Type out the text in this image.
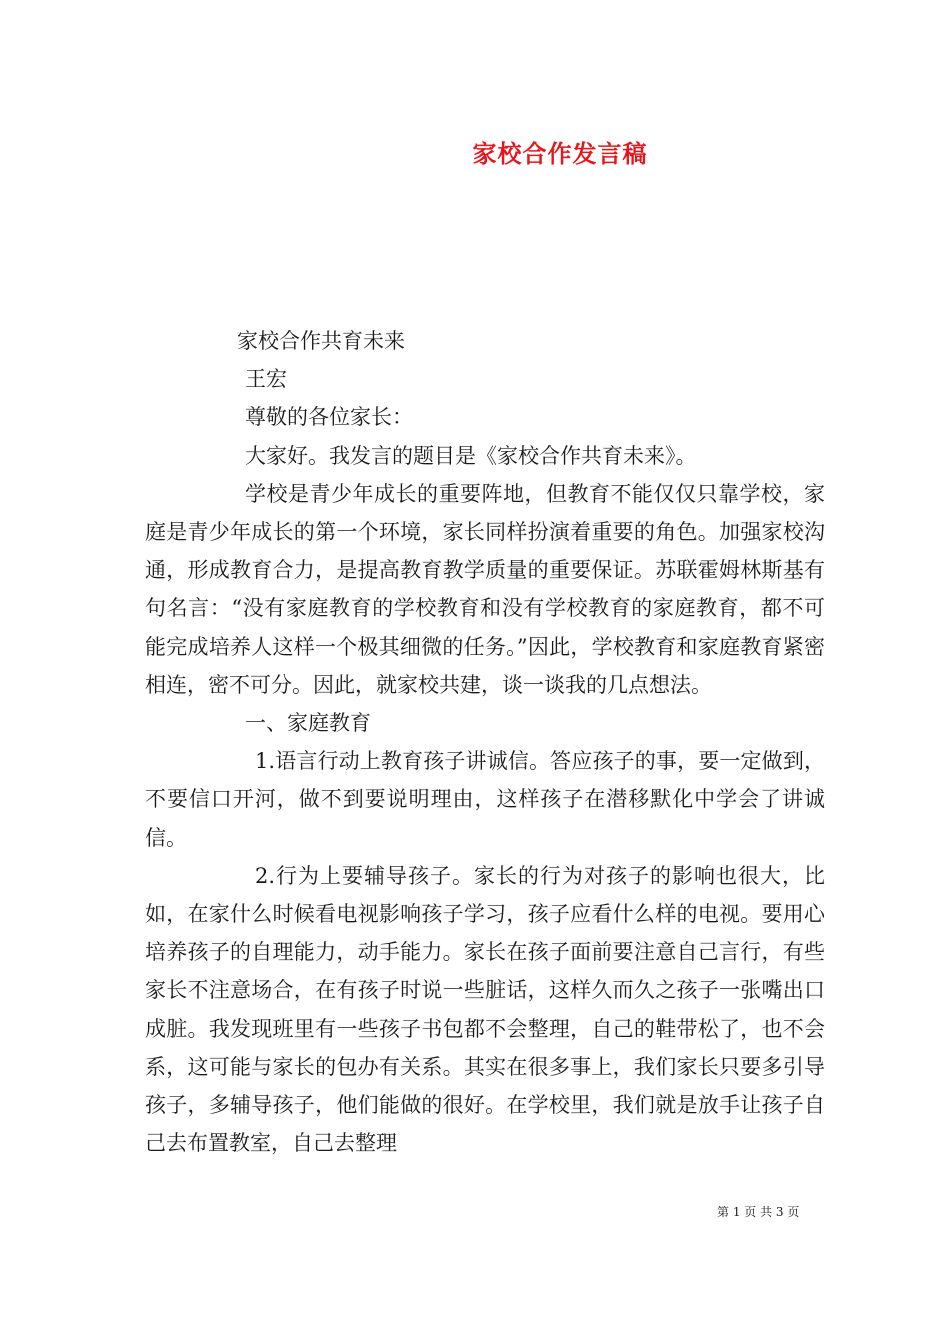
家校合作发言稿

家校合作共育未来

王宏

尊敬的各位家长：

大家好。我发言的题目是《家校合作共育未来》。

学校是青少年成长的重要阵地，但教育不能仅仅只靠学校，家庭是青少年成长的第一个环境，家长同样扮演着重要的角色。加强家校沟通，形成教育合力，是提高教育教学质量的重要保证。苏联霍姆林斯基有句名言：“没有家庭教育的学校教育和没有学校教育的家庭教育，都不可能完成培养人这样一个极其细微的任务。”因此，学校教育和家庭教育紧密相连，密不可分。因此，就家校共建，谈一谈我的几点想法。

一、家庭教育

1.语言行动上教育孩子讲诚信。答应孩子的事，要一定做到，不要信口开河，做不到要说明理由，这样孩子在潜移默化中学会了讲诚信。

2.行为上要辅导孩子。家长的行为对孩子的影响也很大，比如，在家什么时候看电视影响孩子学习，孩子应看什么样的电视。要用心培养孩子的自理能力，动手能力。家长在孩子面前要注意自己言行，有些家长不注意场合，在有孩子时说一些脏话，这样久而久之孩子一张嘴出口成脏。我发现班里有一些孩子书包都不会整理，自己的鞋带松了，也不会系，这可能与家长的包办有关系。其实在很多事上，我们家长只要多引导孩子，多辅导孩子，他们能做的很好。在学校里，我们就是放手让孩子自己去布置教室，自己去整理

第 1 页 共 3 页
